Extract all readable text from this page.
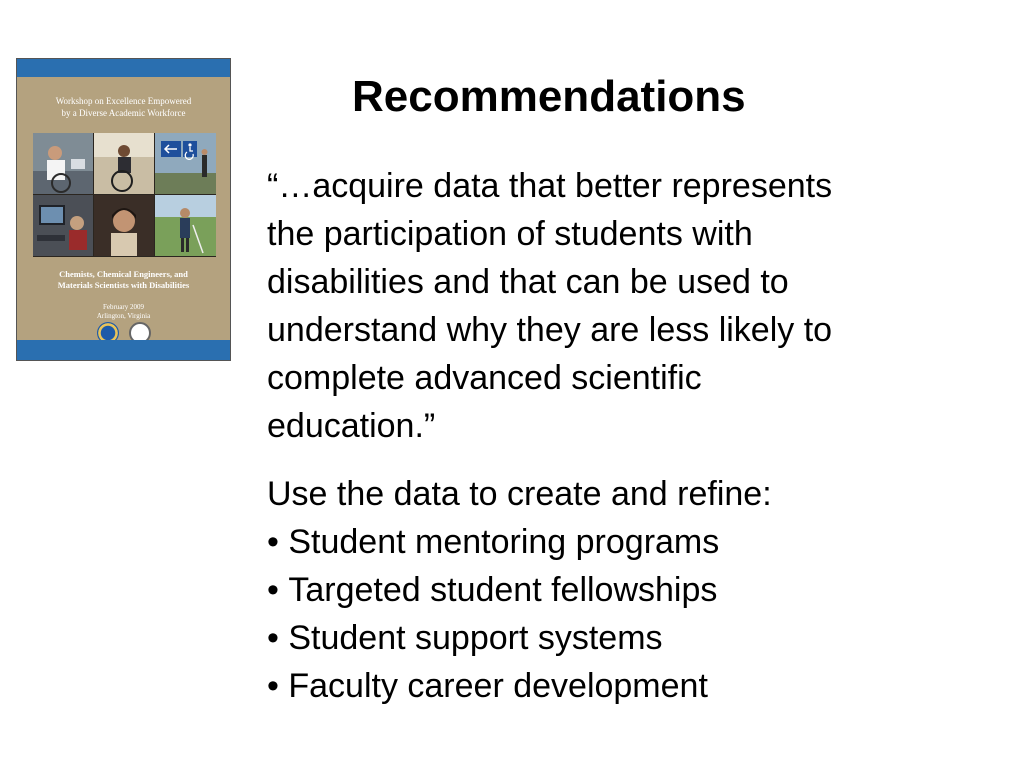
Workshop on Excellence Empowered
by a Diverse Academic Workforce
Chemists, Chemical Engineers, and
Materials Scientists with Disabilities
February 2009
Arlington, Virginia
Recommendations

“…acquire data that better represents
the participation of students with
disabilities and that can be used to
understand why they are less likely to
complete advanced scientific
education.”

Use the data to create and refine:

• Student mentoring programs
• Targeted student fellowships
• Student support systems
• Faculty career development
